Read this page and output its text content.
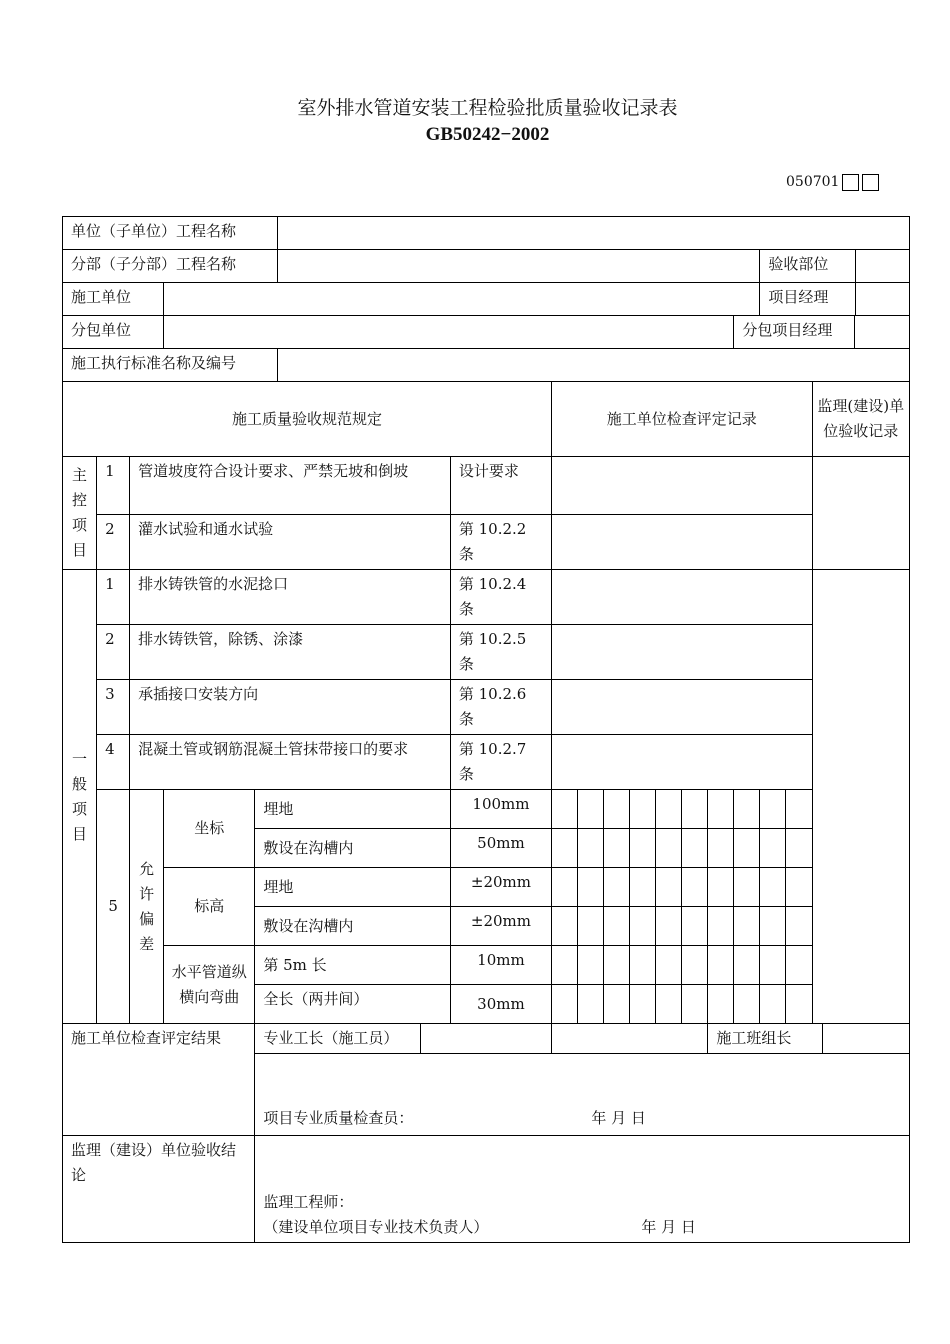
室外排水管道安装工程检验批质量验收记录表
GB50242−2002
050701
单位（子单位）工程名称																	
分部（子分部）工程名称															验收部位		

施工单位															项目经理		

分包单位														分包项目经理			

施工执行标准名称及编号																	
施工质量验收规范规定							施工单位检查评定记录										监理(建设)单位验收记录
主控项目	1	管道坡度符合设计要求、严禁无坡和倒坡				设计要求											
	2	灌水试验和通水试验				第 10.2.2 条											
一般项目	1	排水铸铁管的水泥捻口				第 10.2.4 条											
	2	排水铸铁管，除锈、涂漆				第 10.2.5 条											
	3	承插接口安装方向				第 10.2.6 条											
	4	混凝土管或钢筋混凝土管抹带接口的要求				第 10.2.7 条											
	5	允许偏差	坐标	埋地		100mm											
				敷设在沟槽内		50mm											
			标高	埋地		±20mm											
				敷设在沟槽内		±20mm											
			水平管道纵横向弯曲	第 5m 长		10mm											
				全长（两井间）		30mm											
施工单位检查评定结果				专业工长（施工员）									施工班组长				

				项目专业质量检查员： 年 月 日													

监理（建设）单位验收结论				监理工程师：
（建设单位项目专业技术负责人） 年 月 日													
